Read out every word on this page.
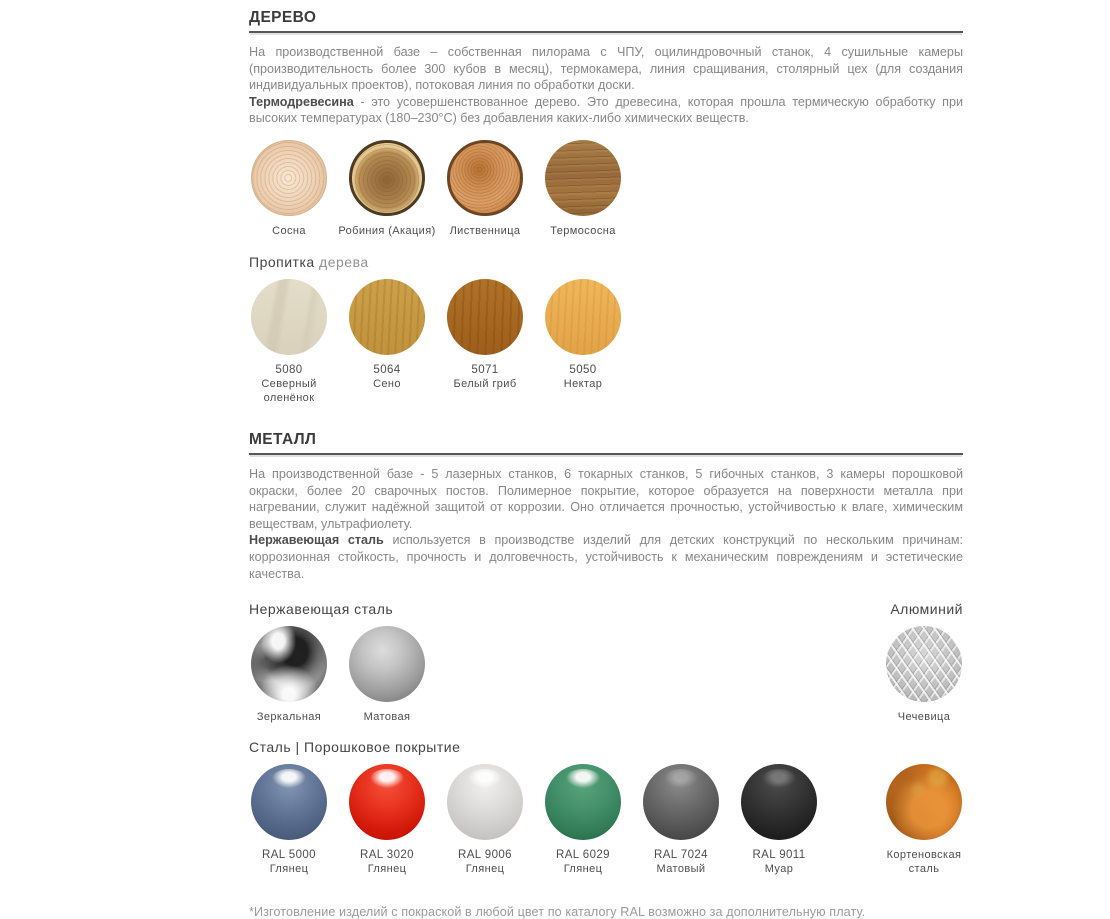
ДЕРЕВО

На производственной базе – собственная пилорама с ЧПУ, оцилиндровочный станок, 4 сушильные камеры (производительность более 300 кубов в месяц), термокамера, линия сращивания, столярный цех (для создания индивидуальных проектов), потоковая линия по обработки доски.

Термодревесина - это усовершенствованное дерево. Это древесина, которая прошла термическую обработку при высоких температурах (180–230°С) без добавления каких-либо химических веществ.

Сосна	Робиния (Акация)	Лиственница	Термососна
Пропитка дерева
5080
Северный оленёнок
5064
Сено
5071
Белый гриб
5050
Нектар
МЕТАЛЛ

На производственной базе - 5 лазерных станков, 6 токарных станков, 5 гибочных станков, 3 камеры порошковой окраски, более 20 сварочных постов. Полимерное покрытие, которое образуется на поверхности металла при нагревании, служит надёжной защитой от коррозии. Оно отличается прочностью, устойчивостью к влаге, химическим веществам, ультрафиолету.

Нержавеющая сталь используется в производстве изделий для детских конструкций по нескольким причинам: коррозионная стойкость, прочность и долговечность, устойчивость к механическим повреждениям и эстетические качества.

Нержавеющая сталь	Алюминий
Зеркальная	Матовая	Чечевица
Сталь | Порошковое покрытие
RAL 5000
Глянец
RAL 3020
Глянец
RAL 9006
Глянец
RAL 6029
Глянец
RAL 7024
Матовый
RAL 9011
Муар
Кортеновская
сталь
*Изготовление изделий с покраской в любой цвет по каталогу RAL возможно за дополнительную плату.
